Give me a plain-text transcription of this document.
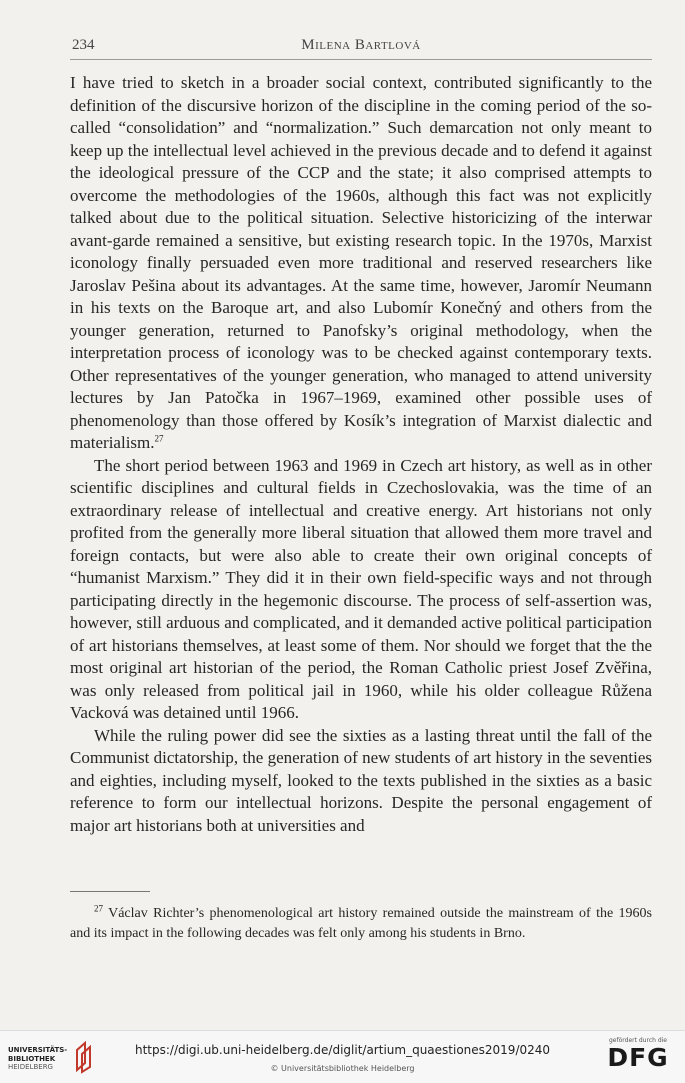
234	Milena Bartlová

I have tried to sketch in a broader social context, contributed significantly to the definition of the discursive horizon of the discipline in the coming period of the so-called “consolidation” and “normalization.” Such demarcation not only meant to keep up the intellectual level achieved in the previous decade and to defend it against the ideological pressure of the CCP and the state; it also comprised attempts to overcome the methodologies of the 1960s, although this fact was not explicitly talked about due to the political situation. Selective historicizing of the interwar avant-garde remained a sensitive, but existing research topic. In the 1970s, Marxist iconology finally persuaded even more traditional and reserved researchers like Jaroslav Pešina about its advantages. At the same time, however, Jaromír Neumann in his texts on the Baroque art, and also Lubomír Konečný and others from the younger generation, returned to Panofsky’s original methodology, when the interpretation process of iconology was to be checked against contemporary texts. Other representatives of the younger generation, who managed to attend university lectures by Jan Patočka in 1967–1969, examined other possible uses of phenomenology than those offered by Kosík’s integration of Marxist dialectic and materialism.$^{27}$

The short period between 1963 and 1969 in Czech art history, as well as in other scientific disciplines and cultural fields in Czechoslovakia, was the time of an extraordinary release of intellectual and creative energy. Art historians not only profited from the generally more liberal situation that allowed them more travel and foreign contacts, but were also able to create their own original concepts of “humanist Marxism.” They did it in their own field-specific ways and not through participating directly in the hegemonic discourse. The process of self-assertion was, however, still arduous and complicated, and it demanded active political participation of art historians themselves, at least some of them. Nor should we forget that the the most original art historian of the period, the Roman Catholic priest Josef Zvěřina, was only released from political jail in 1960, while his older colleague Růžena Vacková was detained until 1966.

While the ruling power did see the sixties as a lasting threat until the fall of the Communist dictatorship, the generation of new students of art history in the seventies and eighties, including myself, looked to the texts published in the sixties as a basic reference to form our intellectual horizons. Despite the personal engagement of major art historians both at universities and

$^{27}$ Václav Richter’s phenomenological art history remained outside the mainstream of the 1960s and its impact in the following decades was felt only among his students in Brno.
UNIVERSITÄTS-
BIBLIOTHEK
HEIDELBERG
https://digi.ub.uni-heidelberg.de/diglit/artium_quaestiones2019/0240
© Universitätsbibliothek Heidelberg
gefördert durch die
DFG
